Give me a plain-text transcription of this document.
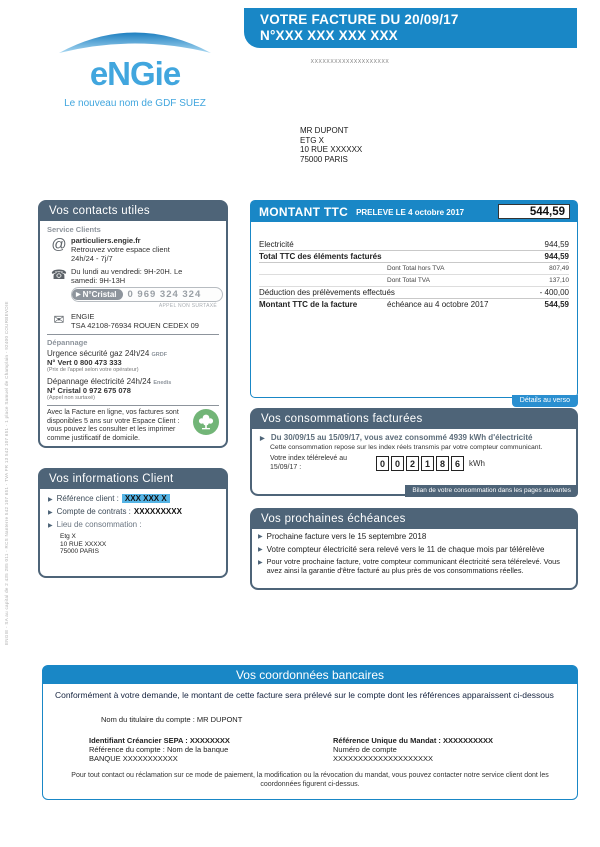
ENGIE - SA au capital de 2 435 285 011 - RCS Nanterre 542 107 651 - TVA FR 13 542 107 651 - 1 place Samuel de Champlain - 92400 COURBEVOIE
eNGie
Le nouveau nom de GDF SUEZ
VOTRE FACTURE DU 20/09/17
N°XXX XXX XXX XXX
XXXXXXXXXXXXXXXXXXXX
MR DUPONT
ETG X
10 RUE XXXXXX
75000 PARIS
Vos contacts utiles
Service Clients
@ particuliers.engie.fr
Retrouvez votre espace client
24h/24 - 7j/7
☎ Du lundi au vendredi: 9H-20H. Le
samedi: 9H-13H
▶ N°Cristal	0 969 324 324
APPEL NON SURTAXÉ
✉ ENGIE
TSA 42108-76934 ROUEN CEDEX 09
Dépannage
Urgence sécurité gaz 24h/24 GRDF
N° Vert 0 800 473 333
(Prix de l'appel selon votre opérateur)
Dépannage électricité 24h/24 Enedis
N° Cristal 0 972 675 078
(Appel non surtaxé)
Avec la Facture en ligne, vos factures sont disponibles 5 ans sur votre Espace Client : vous pouvez les consulter et les imprimer comme justificatif de domicile.
Vos informations Client
▶ Référence client : XXX XXX X
▶ Compte de contrats : XXXXXXXXX
▶ Lieu de consommation :
Etg X
10 RUE XXXXX
75000 PARIS
MONTANT TTC PRELEVE LE 4 octobre 2017	544,59
Electricité	944,59
Total TTC des éléments facturés	944,59
Dont Total hors TVA	807,49
Dont Total TVA	137,10
Déduction des prélèvements effectués	- 400,00
Montant TTC de la facture	échéance au 4 octobre 2017	544,59
Détails au verso
Vos consommations facturées
▶ Du 30/09/15 au 15/09/17, vous avez consommé 4939 kWh d'électricité
Cette consommation repose sur les index réels transmis par votre compteur communicant.
Votre index télérelevé au
15/09/17 :	0	0	2	1	8	6	kWh
Bilan de votre consommation dans les pages suivantes
Vos prochaines échéances
▶ Prochaine facture vers le 15 septembre 2018
▶ Votre compteur électricité sera relevé vers le 11 de chaque mois par télérelève
▶ Pour votre prochaine facture, votre compteur communicant électricité sera télérelevé. Vous avez ainsi la garantie d'être facturé au plus près de vos consommations réelles.
Vos coordonnées bancaires
Conformément à votre demande, le montant de cette facture sera prélevé sur le compte dont les références apparaissent ci-dessous
Nom du titulaire du compte : MR DUPONT
Identifiant Créancier SEPA : XXXXXXXX
Référence du compte : Nom de la banque
BANQUE XXXXXXXXXXX
Référence Unique du Mandat : XXXXXXXXXX
Numéro de compte
XXXXXXXXXXXXXXXXXXXX
Pour tout contact ou réclamation sur ce mode de paiement, la modification ou la révocation du mandat, vous pouvez contacter notre service client dont les coordonnées figurent ci-dessus.
